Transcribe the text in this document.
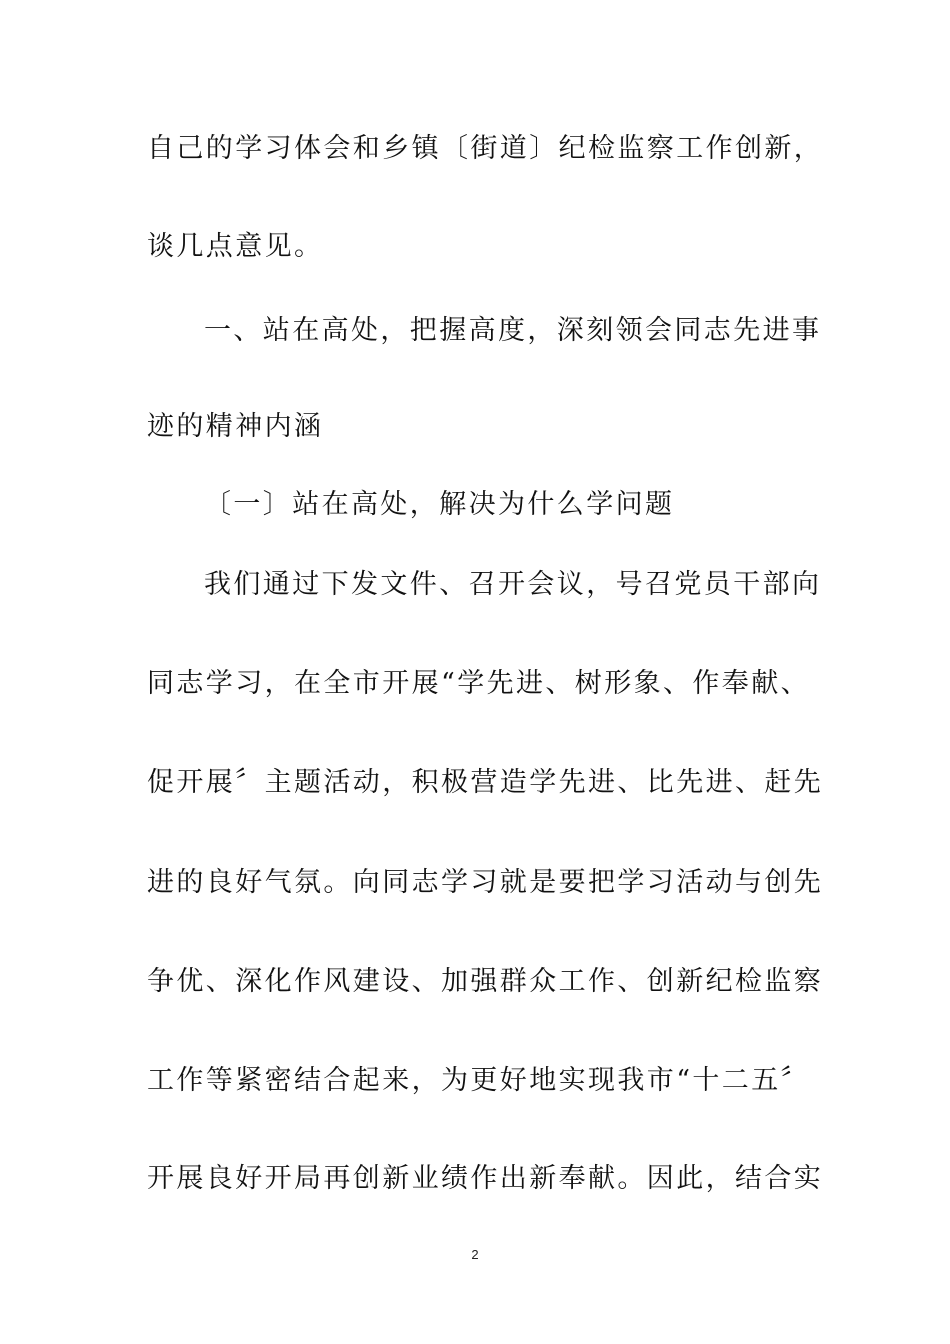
自己的学习体会和乡镇〔街道〕纪检监察工作创新，
谈几点意见。
一、站在高处，把握高度，深刻领会同志先进事
迹的精神内涵
〔一〕站在高处，解决为什么学问题
我们通过下发文件、召开会议，号召党员干部向
同志学习，在全市开展“学先进、树形象、作奉献、
促开展〞主题活动，积极营造学先进、比先进、赶先
进的良好气氛。向同志学习就是要把学习活动与创先
争优、深化作风建设、加强群众工作、创新纪检监察
工作等紧密结合起来，为更好地实现我市“十二五〞
开展良好开局再创新业绩作出新奉献。因此，结合实
2
